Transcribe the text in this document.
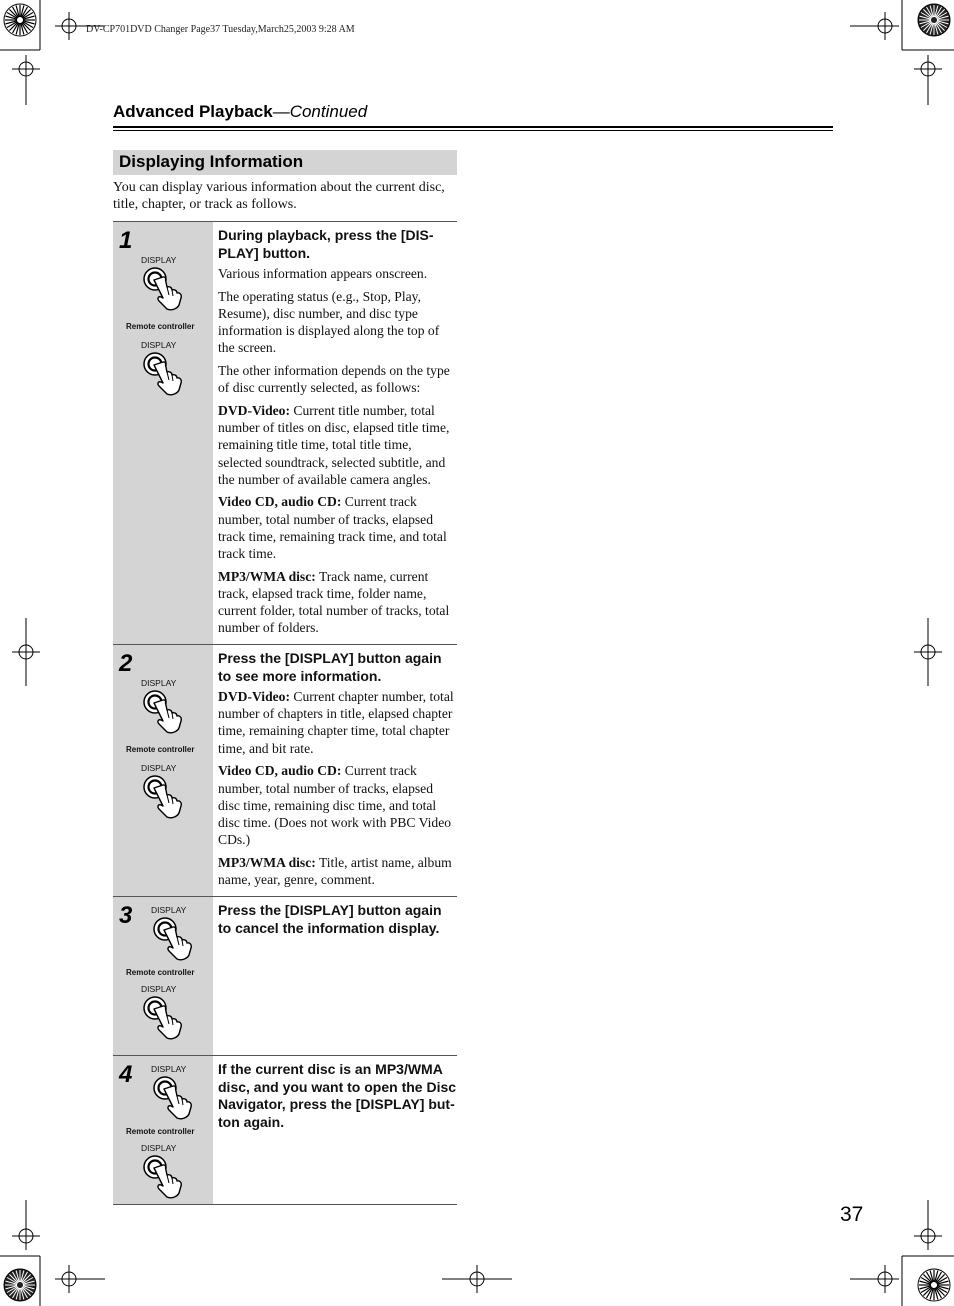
DV-CP701DVD Changer Page37 Tuesday,March25,2003 9:28 AM
Advanced Playback—Continued
Displaying Information
You can display various information about the current disc, title, chapter, or track as follows.
1
DISPLAY
Remote controller
DISPLAY
During playback, press the [DIS-PLAY] button.
Various information appears onscreen.
The operating status (e.g., Stop, Play, Resume), disc number, and disc type information is displayed along the top of the screen.
The other information depends on the type of disc currently selected, as follows:
DVD-Video: Current title number, total number of titles on disc, elapsed title time, remaining title time, total title time, selected soundtrack, selected subtitle, and the number of available camera angles.
Video CD, audio CD: Current track number, total number of tracks, elapsed track time, remaining track time, and total track time.
MP3/WMA disc: Track name, current track, elapsed track time, folder name, current folder, total number of tracks, total number of folders.
2
DISPLAY
Remote controller
DISPLAY
Press the [DISPLAY] button again to see more information.
DVD-Video: Current chapter number, total number of chapters in title, elapsed chapter time, remaining chapter time, total chapter time, and bit rate.
Video CD, audio CD: Current track number, total number of tracks, elapsed disc time, remaining disc time, and total disc time. (Does not work with PBC Video CDs.)
MP3/WMA disc: Title, artist name, album name, year, genre, comment.
3 DISPLAY
Remote controller
DISPLAY
Press the [DISPLAY] button again to cancel the information display.
4 DISPLAY
Remote controller
DISPLAY
If the current disc is an MP3/WMA disc, and you want to open the Disc Navigator, press the [DISPLAY] but-ton again.
37
